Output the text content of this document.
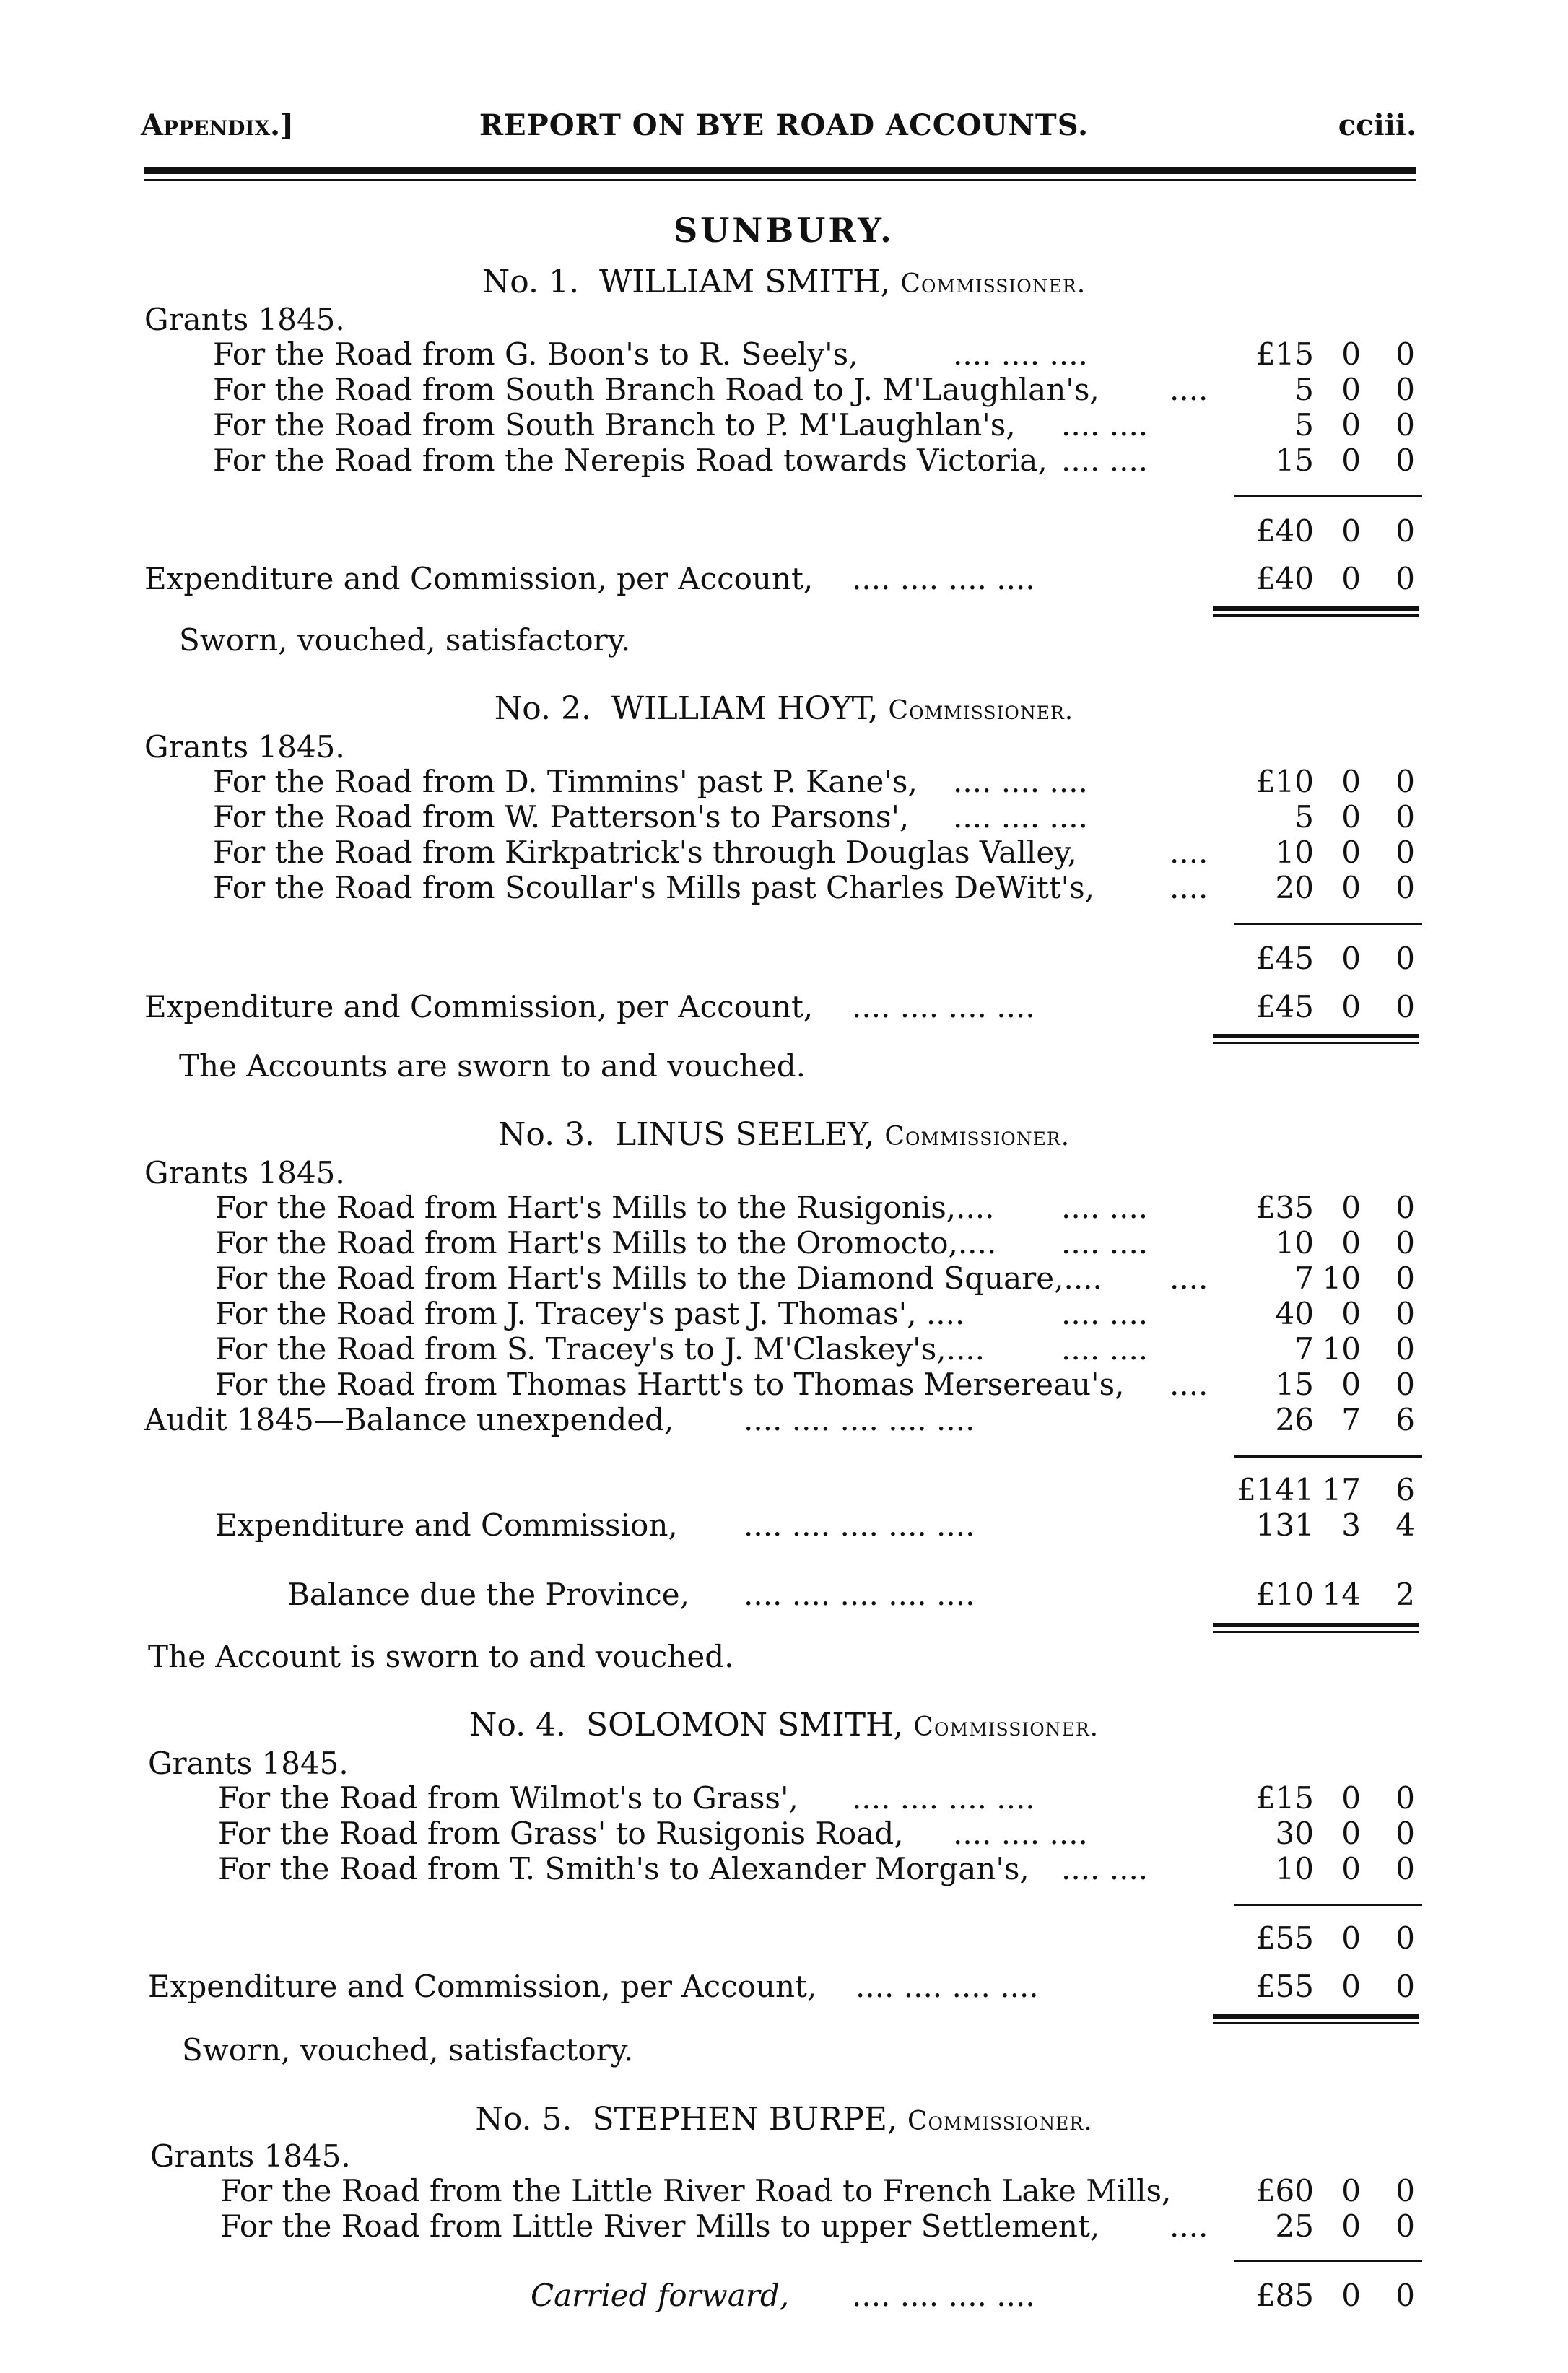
Appendix.]	REPORT ON BYE ROAD ACCOUNTS.	cciii.
SUNBURY.
No. 1. WILLIAM SMITH, Commissioner.
Grants 1845.
For the Road from G. Boon's to R. Seely's,	.... .... ....	£15 0	0
For the Road from South Branch Road to J. M'Laughlan's, ....	5 0	0
For the Road from South Branch to P. M'Laughlan's, .... ....	5 0	0
For the Road from the Nerepis Road towards Victoria, .... ....	15 0	0
£40 0	0
Expenditure and Commission, per Account, .... .... .... ....	£40 0	0
Sworn, vouched, satisfactory.
No. 2. WILLIAM HOYT, Commissioner.
Grants 1845.
For the Road from D. Timmins' past P. Kane's, .... .... ....	£10 0	0
For the Road from W. Patterson's to Parsons', .... .... ....	5 0	0
For the Road from Kirkpatrick's through Douglas Valley,	....	10 0	0
For the Road from Scoullar's Mills past Charles DeWitt's, ....	20 0	0
£45 0	0
Expenditure and Commission, per Account, .... .... .... ....	£45 0	0
The Accounts are sworn to and vouched.
No. 3. LINUS SEELEY, Commissioner.
Grants 1845.
For the Road from Hart's Mills to the Rusigonis,.... .... ....	£35 0	0
For the Road from Hart's Mills to the Oromocto,.... .... ....	10 0	0
For the Road from Hart's Mills to the Diamond Square,.... ....	7 10	0
For the Road from J. Tracey's past J. Thomas', ....	.... ....	40 0	0
For the Road from S. Tracey's to J. M'Claskey's,....	.... ....	7 10	0
For the Road from Thomas Hartt's to Thomas Mersereau's, ....	15 0	0
Audit 1845—Balance unexpended, .... .... .... .... ....	26 7	6
£141 17	6
Expenditure and Commission, .... .... .... .... ....	131 3	4
Balance due the Province, .... .... .... .... ....	£10 14	2
The Account is sworn to and vouched.
No. 4. SOLOMON SMITH, Commissioner.
Grants 1845.
For the Road from Wilmot's to Grass', .... .... .... ....	£15 0	0
For the Road from Grass' to Rusigonis Road, .... .... ....	30 0	0
For the Road from T. Smith's to Alexander Morgan's, .... ....	10 0	0
£55 0	0
Expenditure and Commission, per Account, .... .... .... ....	£55 0	0
Sworn, vouched, satisfactory.
No. 5. STEPHEN BURPE, Commissioner.
Grants 1845.
For the Road from the Little River Road to French Lake Mills,	£60 0	0
For the Road from Little River Mills to upper Settlement, ....	25 0	0
Carried forward, .... .... .... ....	£85 0	0
